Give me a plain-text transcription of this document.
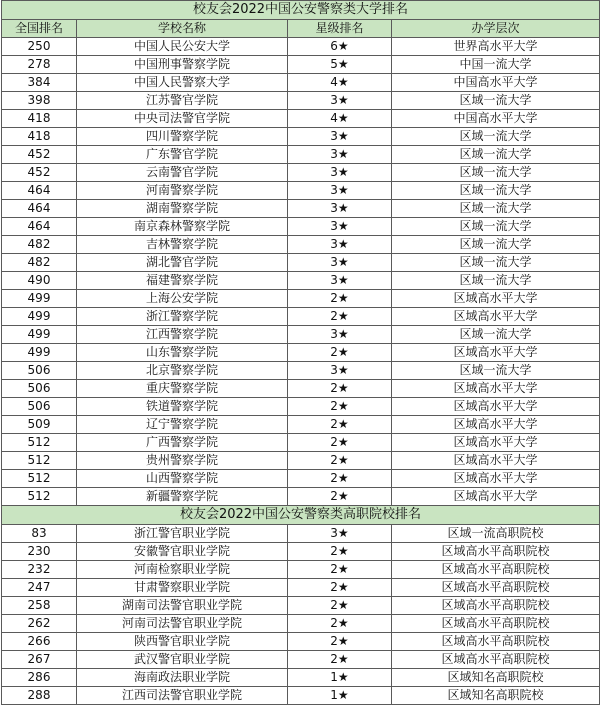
校友会2022中国公安警察类大学排名			
全国排名	学校名称	星级排名	办学层次
250	中国人民公安大学	6★	世界高水平大学
278	中国刑事警察学院	5★	中国一流大学
384	中国人民警察大学	4★	中国高水平大学
398	江苏警官学院	3★	区域一流大学
418	中央司法警官学院	4★	中国高水平大学
418	四川警察学院	3★	区域一流大学
452	广东警官学院	3★	区域一流大学
452	云南警官学院	3★	区域一流大学
464	河南警察学院	3★	区域一流大学
464	湖南警察学院	3★	区域一流大学
464	南京森林警察学院	3★	区域一流大学
482	吉林警察学院	3★	区域一流大学
482	湖北警官学院	3★	区域一流大学
490	福建警察学院	3★	区域一流大学
499	上海公安学院	2★	区域高水平大学
499	浙江警察学院	2★	区域高水平大学
499	江西警察学院	3★	区域一流大学
499	山东警察学院	2★	区域高水平大学
506	北京警察学院	3★	区域一流大学
506	重庆警察学院	2★	区域高水平大学
506	铁道警察学院	2★	区域高水平大学
509	辽宁警察学院	2★	区域高水平大学
512	广西警察学院	2★	区域高水平大学
512	贵州警察学院	2★	区域高水平大学
512	山西警察学院	2★	区域高水平大学
512	新疆警察学院	2★	区域高水平大学
校友会2022中国公安警察类高职院校排名			
83	浙江警官职业学院	3★	区域一流高职院校
230	安徽警官职业学院	2★	区域高水平高职院校
232	河南检察职业学院	2★	区域高水平高职院校
247	甘肃警察职业学院	2★	区域高水平高职院校
258	湖南司法警官职业学院	2★	区域高水平高职院校
262	河南司法警官职业学院	2★	区域高水平高职院校
266	陕西警官职业学院	2★	区域高水平高职院校
267	武汉警官职业学院	2★	区域高水平高职院校
286	海南政法职业学院	1★	区域知名高职院校
288	江西司法警官职业学院	1★	区域知名高职院校
